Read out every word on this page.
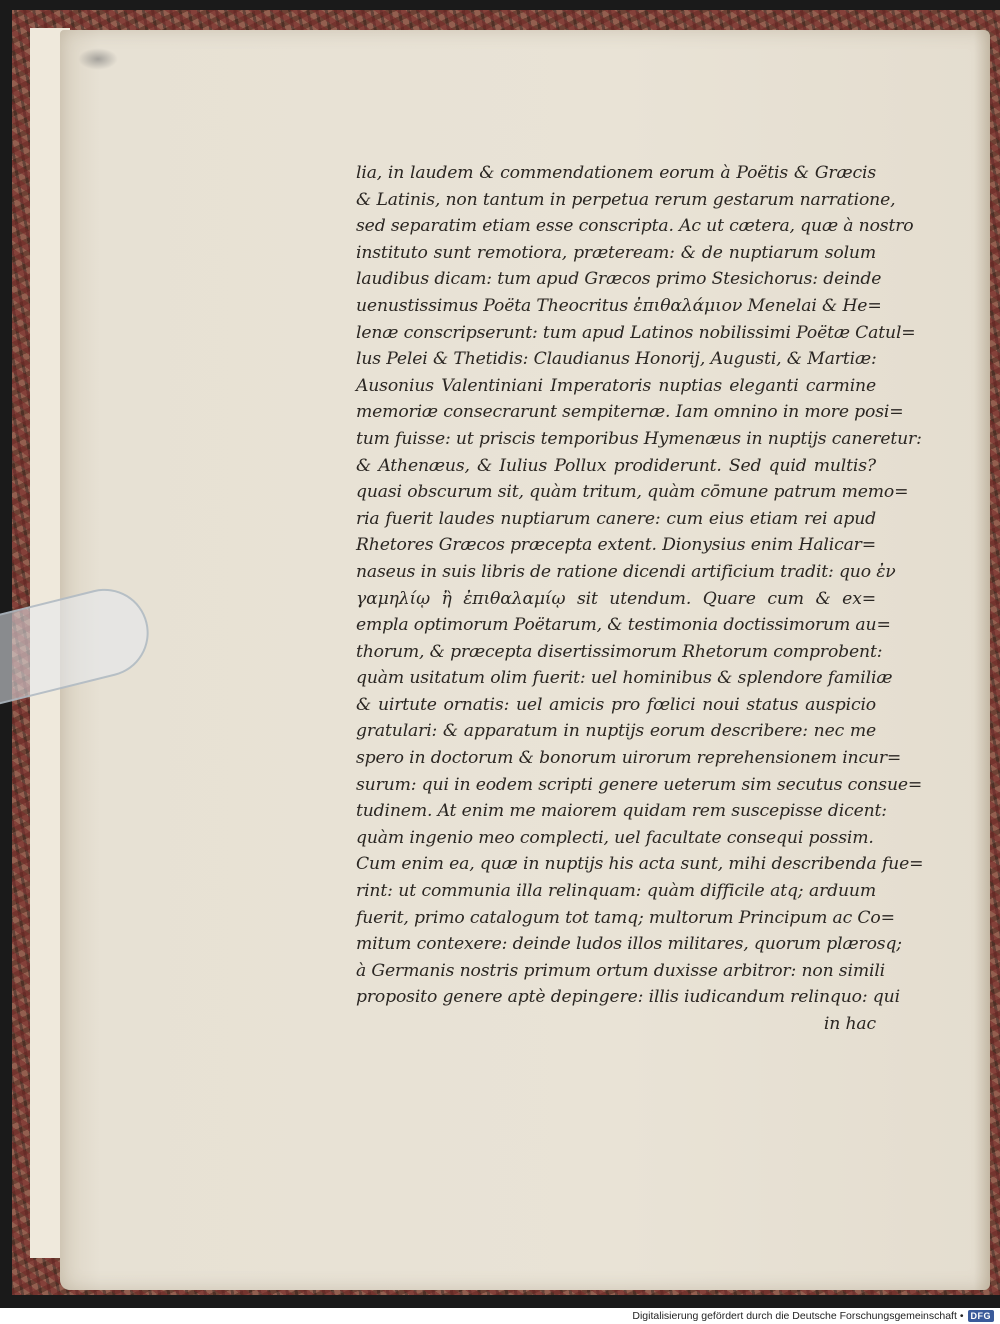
lia, in laudem & commendationem eorum à Poëtis & Græcis
& Latinis, non tantum in perpetua rerum gestarum narratione,
sed separatim etiam esse conscripta. Ac ut cætera, quæ à nostro
instituto sunt remotiora, præteream: & de nuptiarum solum
laudibus dicam: tum apud Græcos primo Stesichorus: deinde
uenustissimus Poëta Theocritus ἐπιθαλάμιον Menelai & He=
lenæ conscripserunt: tum apud Latinos nobilissimi Poëtæ Catul=
lus Pelei & Thetidis: Claudianus Honorij, Augusti, & Martiæ:
Ausonius Valentiniani Imperatoris nuptias eleganti carmine
memoriæ consecrarunt sempiternæ. Iam omnino in more posi=
tum fuisse: ut priscis temporibus Hymenæus in nuptijs caneretur:
& Athenæus, & Iulius Pollux prodiderunt. Sed quid multis?
quasi obscurum sit, quàm tritum, quàm cōmune patrum memo=
ria fuerit laudes nuptiarum canere: cum eius etiam rei apud
Rhetores Græcos præcepta extent. Dionysius enim Halicar=
naseus in suis libris de ratione dicendi artificium tradit: quo ἐν
γαμηλίῳ ἢ ἐπιθαλαμίῳ sit utendum. Quare cum & ex=
empla optimorum Poëtarum, & testimonia doctissimorum au=
thorum, & præcepta disertissimorum Rhetorum comprobent:
quàm usitatum olim fuerit: uel hominibus & splendore familiæ
& uirtute ornatis: uel amicis pro fœlici noui status auspicio
gratulari: & apparatum in nuptijs eorum describere: nec me
spero in doctorum & bonorum uirorum reprehensionem incur=
surum: qui in eodem scripti genere ueterum sim secutus consue=
tudinem. At enim me maiorem quidam rem suscepisse dicent:
quàm ingenio meo complecti, uel facultate consequi possim.
Cum enim ea, quæ in nuptijs his acta sunt, mihi describenda fue=
rint: ut communia illa relinquam: quàm difficile atq; arduum
fuerit, primo catalogum tot tamq; multorum Principum ac Co=
mitum contexere: deinde ludos illos militares, quorum plærosq;
à Germanis nostris primum ortum duxisse arbitror: non simili
proposito genere aptè depingere: illis iudicandum relinquo: qui
in hac
Digitalisierung gefördert durch die Deutsche Forschungsgemeinschaft • DFG
